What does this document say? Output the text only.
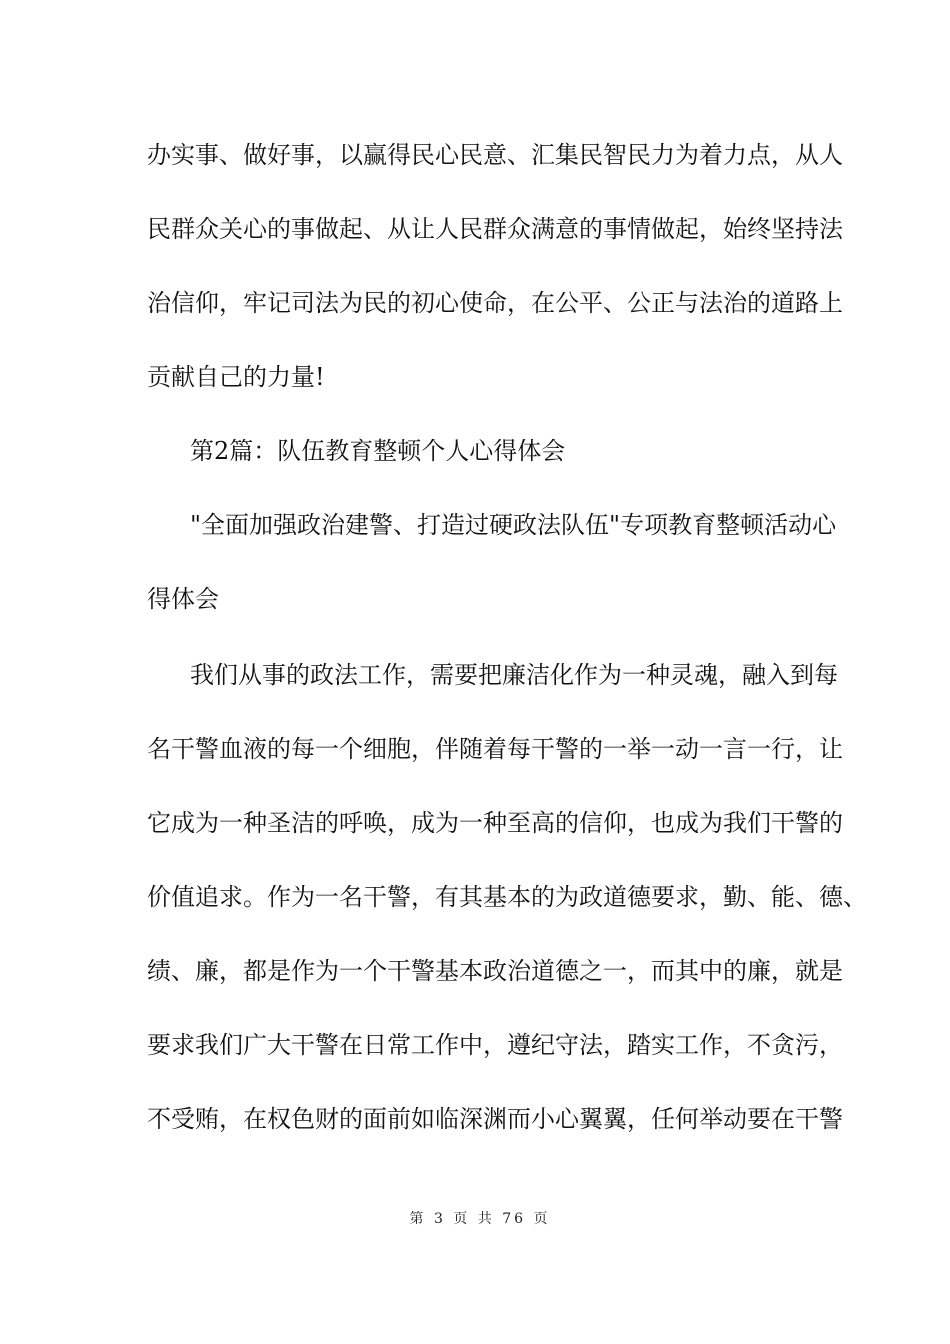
办实事、做好事，以赢得民心民意、汇集民智民力为着力点，从人
民群众关心的事做起、从让人民群众满意的事情做起，始终坚持法
治信仰，牢记司法为民的初心使命，在公平、公正与法治的道路上
贡献自己的力量!
第2篇：队伍教育整顿个人心得体会
"全面加强政治建警、打造过硬政法队伍"专项教育整顿活动心
得体会
我们从事的政法工作，需要把廉洁化作为一种灵魂，融入到每
名干警血液的每一个细胞，伴随着每干警的一举一动一言一行，让
它成为一种圣洁的呼唤，成为一种至高的信仰，也成为我们干警的
价值追求。作为一名干警，有其基本的为政道德要求，勤、能、德、
绩、廉，都是作为一个干警基本政治道德之一，而其中的廉，就是
要求我们广大干警在日常工作中，遵纪守法，踏实工作，不贪污，
不受贿，在权色财的面前如临深渊而小心翼翼，任何举动要在干警
第 3 页 共 76 页
